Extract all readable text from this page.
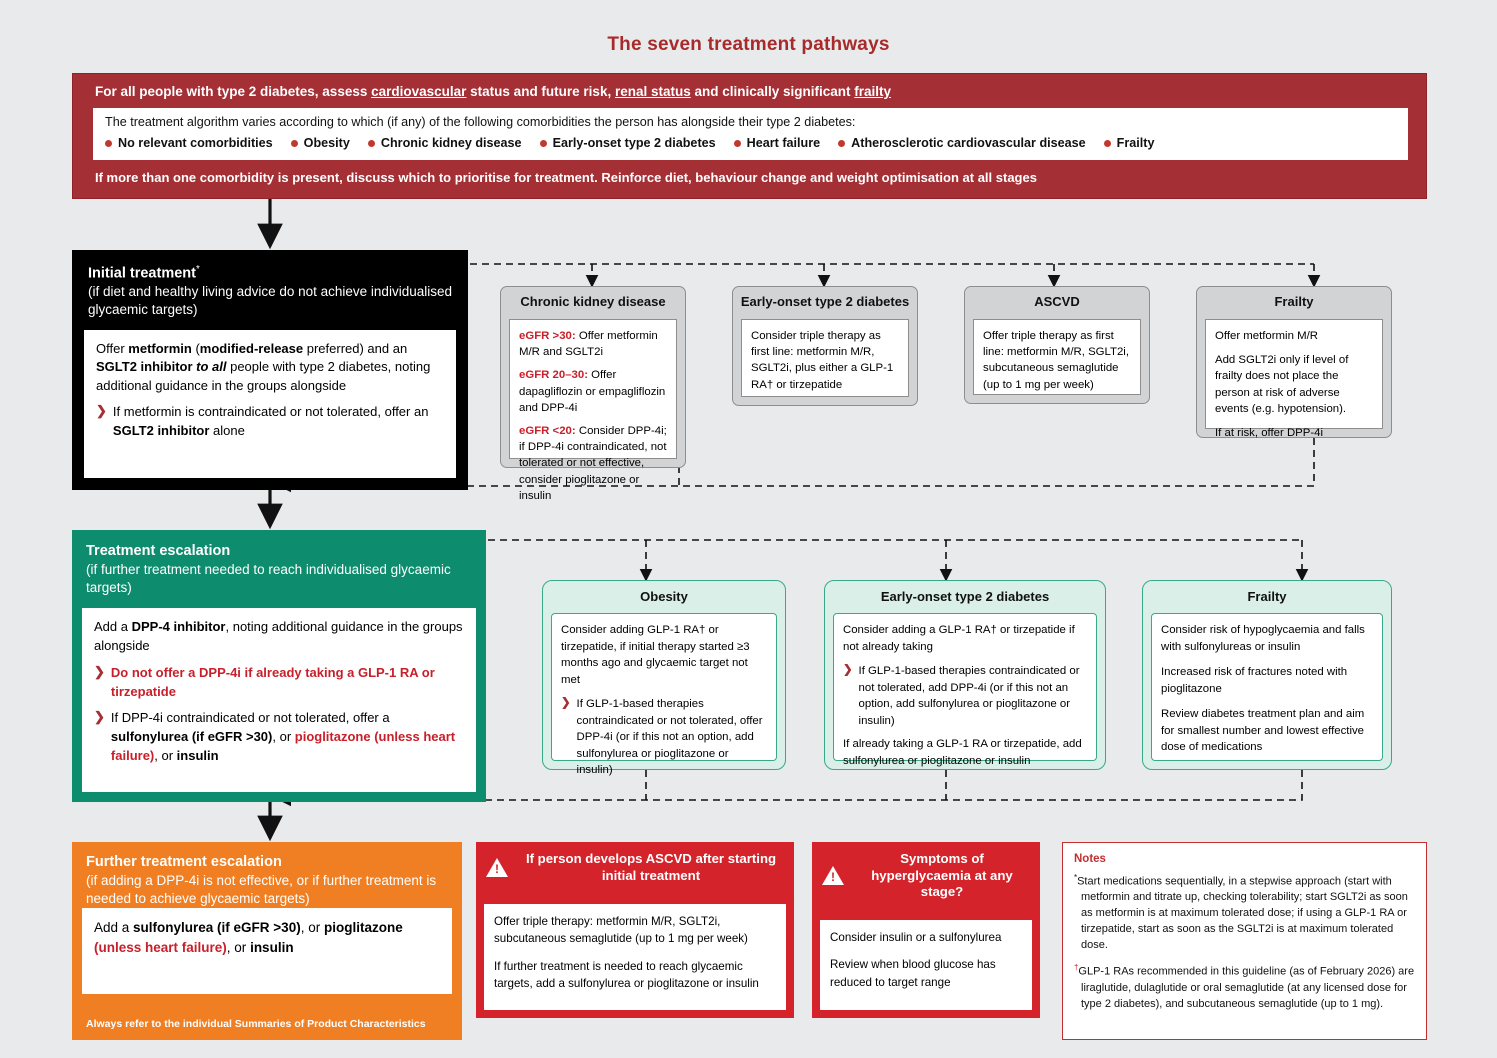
The seven treatment pathways
For all people with type 2 diabetes, assess cardiovascular status and future risk, renal status and clinically significant frailty
The treatment algorithm varies according to which (if any) of the following comorbidities the person has alongside their type 2 diabetes:
No relevant comorbidities Obesity Chronic kidney disease Early-onset type 2 diabetes Heart failure Atherosclerotic cardiovascular disease Frailty
If more than one comorbidity is present, discuss which to prioritise for treatment. Reinforce diet, behaviour change and weight optimisation at all stages
Initial treatment*
(if diet and healthy living advice do not achieve individualised glycaemic targets)
Offer metformin (modified-release preferred) and an SGLT2 inhibitor to all people with type 2 diabetes, noting additional guidance in the groups alongside
❯ If metformin is contraindicated or not tolerated, offer an SGLT2 inhibitor alone
Chronic kidney disease
eGFR >30: Offer metformin M/R and SGLT2i
eGFR 20–30: Offer dapagliflozin or empagliflozin and DPP-4i
eGFR <20: Consider DPP-4i; if DPP-4i contraindicated, not tolerated or not effective, consider pioglitazone or insulin
Early-onset type 2 diabetes
Consider triple therapy as first line: metformin M/R, SGLT2i, plus either a GLP-1 RA† or tirzepatide
ASCVD
Offer triple therapy as first line: metformin M/R, SGLT2i, subcutaneous semaglutide (up to 1 mg per week)
Frailty
Offer metformin M/R
Add SGLT2i only if level of frailty does not place the person at risk of adverse events (e.g. hypotension).
If at risk, offer DPP-4i
Treatment escalation
(if further treatment needed to reach individualised glycaemic targets)
Add a DPP-4 inhibitor, noting additional guidance in the groups alongside
❯ Do not offer a DPP-4i if already taking a GLP-1 RA or tirzepatide
❯ If DPP-4i contraindicated or not tolerated, offer a sulfonylurea (if eGFR >30), or pioglitazone (unless heart failure), or insulin
Obesity
Consider adding GLP-1 RA† or tirzepatide, if initial therapy started ≥3 months ago and glycaemic target not met
❯ If GLP-1-based therapies contraindicated or not tolerated, offer DPP-4i (or if this not an option, add sulfonylurea or pioglitazone or insulin)
Early-onset type 2 diabetes
Consider adding a GLP-1 RA† or tirzepatide if not already taking
❯ If GLP-1-based therapies contraindicated or not tolerated, add DPP-4i (or if this not an option, add sulfonylurea or pioglitazone or insulin)
If already taking a GLP-1 RA or tirzepatide, add sulfonylurea or pioglitazone or insulin
Frailty
Consider risk of hypoglycaemia and falls with sulfonylureas or insulin
Increased risk of fractures noted with pioglitazone
Review diabetes treatment plan and aim for smallest number and lowest effective dose of medications
Further treatment escalation
(if adding a DPP-4i is not effective, or if further treatment is needed to achieve glycaemic targets)
Add a sulfonylurea (if eGFR >30), or pioglitazone (unless heart failure), or insulin
Always refer to the individual Summaries of Product Characteristics
!
If person develops ASCVD after starting initial treatment
Offer triple therapy: metformin M/R, SGLT2i, subcutaneous semaglutide (up to 1 mg per week)
If further treatment is needed to reach glycaemic targets, add a sulfonylurea or pioglitazone or insulin
!
Symptoms of hyperglycaemia at any stage?
Consider insulin or a sulfonylurea
Review when blood glucose has reduced to target range
Notes

*Start medications sequentially, in a stepwise approach (start with metformin and titrate up, checking tolerability; start SGLT2i as soon as metformin is at maximum tolerated dose; if using a GLP-1 RA or tirzepatide, start as soon as the SGLT2i is at maximum tolerated dose.

†GLP-1 RAs recommended in this guideline (as of February 2026) are liraglutide, dulaglutide or oral semaglutide (at any licensed dose for type 2 diabetes), and subcutaneous semaglutide (up to 1 mg).
